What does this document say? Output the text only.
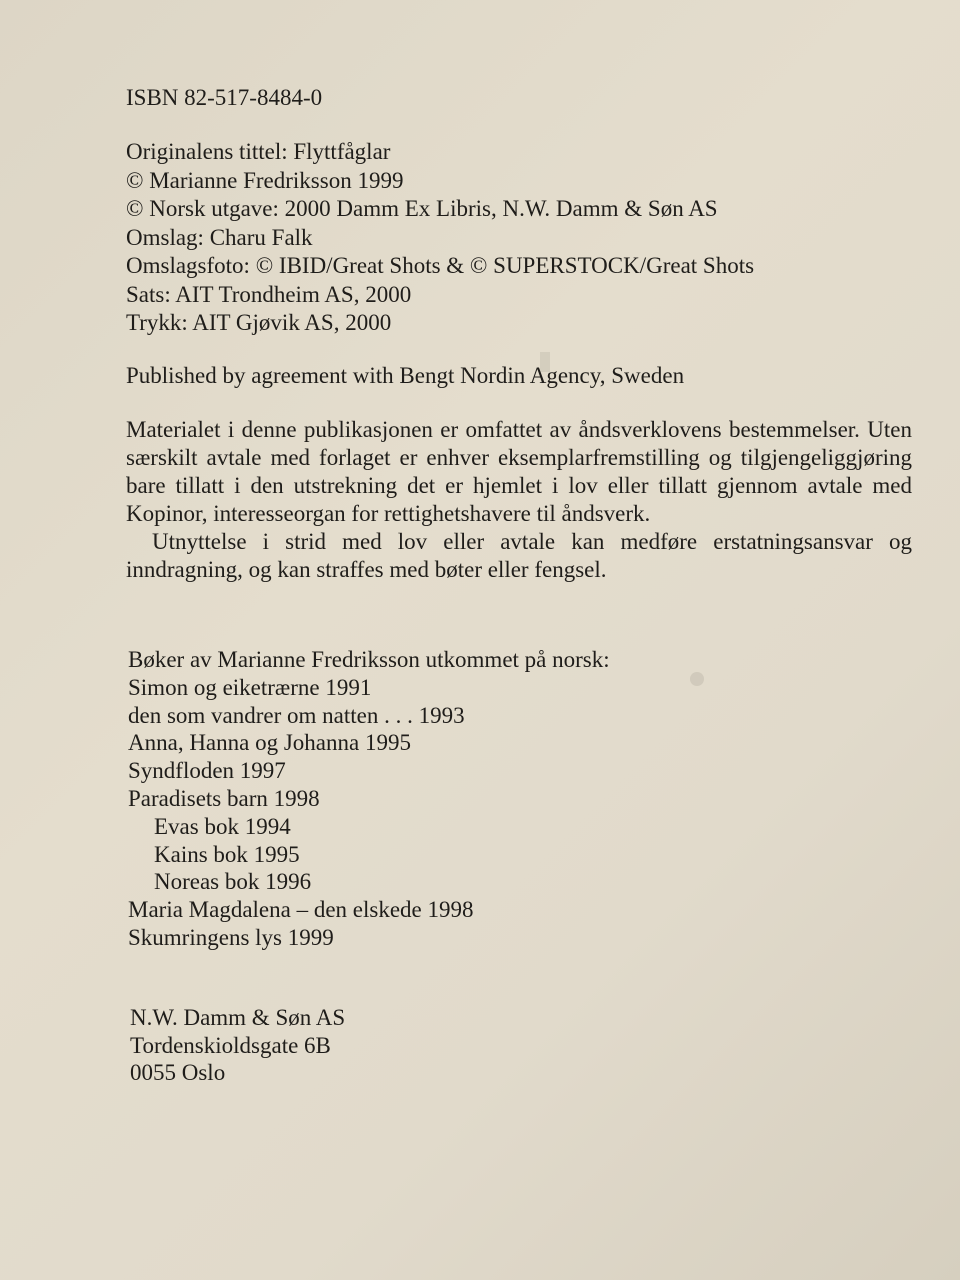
ISBN 82-517-8484-0
Originalens tittel: Flyttfåglar
© Marianne Fredriksson 1999
© Norsk utgave: 2000 Damm Ex Libris, N.W. Damm & Søn AS
Omslag: Charu Falk
Omslagsfoto: © IBID/Great Shots & © SUPERSTOCK/Great Shots
Sats: AIT Trondheim AS, 2000
Trykk: AIT Gjøvik AS, 2000
Published by agreement with Bengt Nordin Agency, Sweden

Materialet i denne publikasjonen er omfattet av åndsverklovens bestemmelser. Uten særskilt avtale med forlaget er enhver eksemplarfremstilling og tilgjengeliggjøring bare tillatt i den utstrekning det er hjemlet i lov eller tillatt gjennom avtale med Kopinor, interesseorgan for rettighetshavere til åndsverk.

Utnyttelse i strid med lov eller avtale kan medføre erstatningsansvar og inndragning, og kan straffes med bøter eller fengsel.

Bøker av Marianne Fredriksson utkommet på norsk:
Simon og eiketrærne 1991
den som vandrer om natten . . . 1993
Anna, Hanna og Johanna 1995
Syndfloden 1997
Paradisets barn 1998
Evas bok 1994
Kains bok 1995
Noreas bok 1996
Maria Magdalena – den elskede 1998
Skumringens lys 1999
N.W. Damm & Søn AS
Tordenskioldsgate 6B
0055 Oslo
